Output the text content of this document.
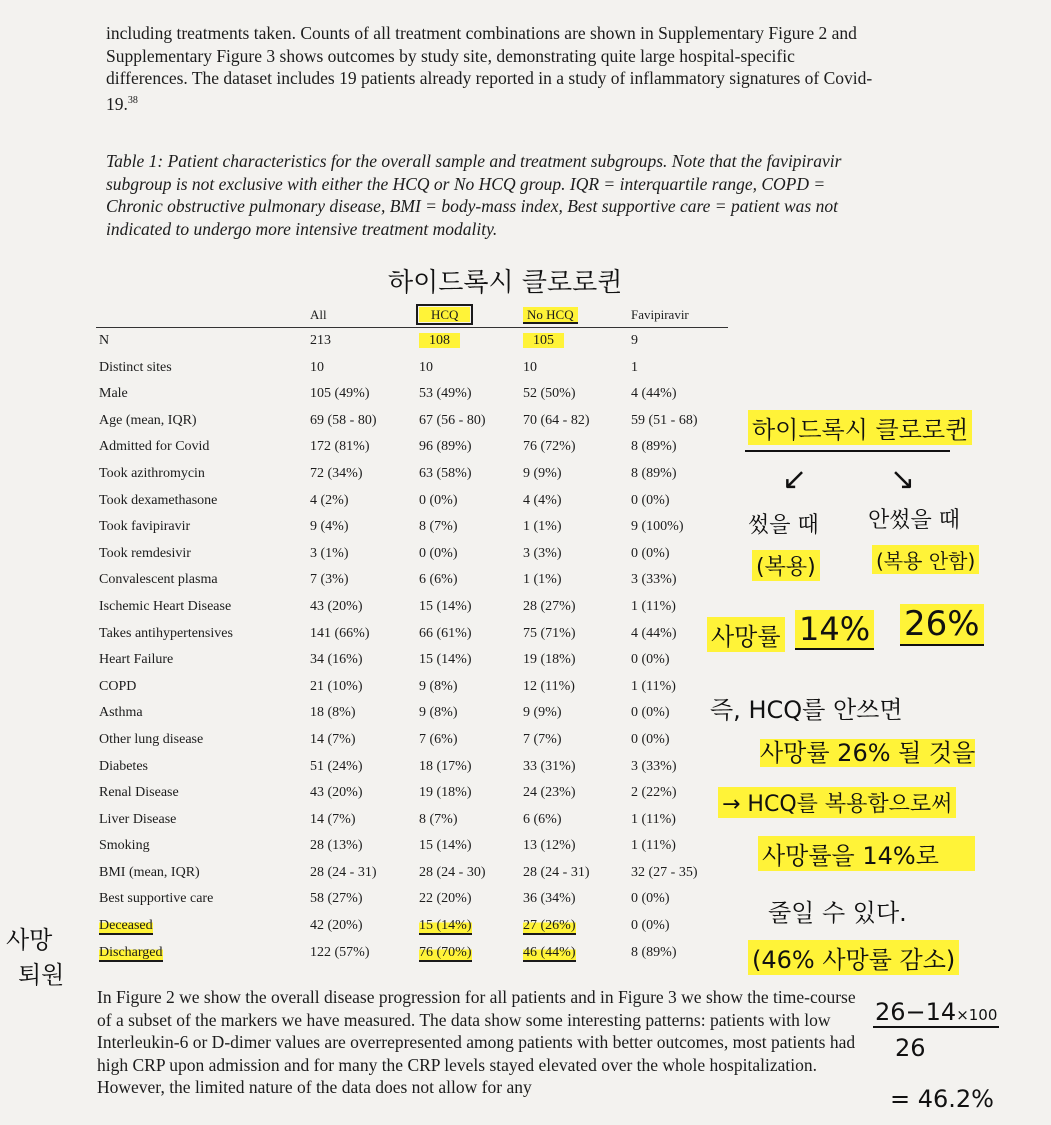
including treatments taken. Counts of all treatment combinations are shown in Supplementary Figure 2 and Supplementary Figure 3 shows outcomes by study site, demonstrating quite large hospital-specific differences. The dataset includes 19 patients already reported in a study of inflammatory signatures of Covid-19.38

Table 1: Patient characteristics for the overall sample and treatment subgroups. Note that the favipiravir subgroup is not exclusive with either the HCQ or No HCQ group. IQR = interquartile range, COPD = Chronic obstructive pulmonary disease, BMI = body-mass index, Best supportive care = patient was not indicated to undergo more intensive treatment modality.

	All	HCQ	No HCQ	Favipiravir
N	213	108	105	9
Distinct sites	10	10	10	1
Male	105 (49%)	53 (49%)	52 (50%)	4 (44%)
Age (mean, IQR)	69 (58 - 80)	67 (56 - 80)	70 (64 - 82)	59 (51 - 68)
Admitted for Covid	172 (81%)	96 (89%)	76 (72%)	8 (89%)
Took azithromycin	72 (34%)	63 (58%)	9 (9%)	8 (89%)
Took dexamethasone	4 (2%)	0 (0%)	4 (4%)	0 (0%)
Took favipiravir	9 (4%)	8 (7%)	1 (1%)	9 (100%)
Took remdesivir	3 (1%)	0 (0%)	3 (3%)	0 (0%)
Convalescent plasma	7 (3%)	6 (6%)	1 (1%)	3 (33%)
Ischemic Heart Disease	43 (20%)	15 (14%)	28 (27%)	1 (11%)
Takes antihypertensives	141 (66%)	66 (61%)	75 (71%)	4 (44%)
Heart Failure	34 (16%)	15 (14%)	19 (18%)	0 (0%)
COPD	21 (10%)	9 (8%)	12 (11%)	1 (11%)
Asthma	18 (8%)	9 (8%)	9 (9%)	0 (0%)
Other lung disease	14 (7%)	7 (6%)	7 (7%)	0 (0%)
Diabetes	51 (24%)	18 (17%)	33 (31%)	3 (33%)
Renal Disease	43 (20%)	19 (18%)	24 (23%)	2 (22%)
Liver Disease	14 (7%)	8 (7%)	6 (6%)	1 (11%)
Smoking	28 (13%)	15 (14%)	13 (12%)	1 (11%)
BMI (mean, IQR)	28 (24 - 31)	28 (24 - 30)	28 (24 - 31)	32 (27 - 35)
Best supportive care	58 (27%)	22 (20%)	36 (34%)	0 (0%)
Deceased	42 (20%)	15 (14%)	27 (26%)	0 (0%)
Discharged	122 (57%)	76 (70%)	46 (44%)	8 (89%)

In Figure 2 we show the overall disease progression for all patients and in Figure 3 we show the time-course of a subset of the markers we have measured. The data show some interesting patterns: patients with low Interleukin-6 or D-dimer values are overrepresented among patients with better outcomes, most patients had high CRP upon admission and for many the CRP levels stayed elevated over the whole hospitalization. However, the limited nature of the data does not allow for any

하이드록시 클로로퀸
하이드록시 클로로퀸
↙	↘
썼을 때 안썼을 때
(복용)	(복용 안함)
사망률 14% 26%
즉, HCQ를 안쓰면
사망률 26% 될 것을
→ HCQ를 복용함으로써
사망률을 14%로
줄일 수 있다.
(46% 사망률 감소)
26−14×100
26
= 46.2%
사망
퇴원
